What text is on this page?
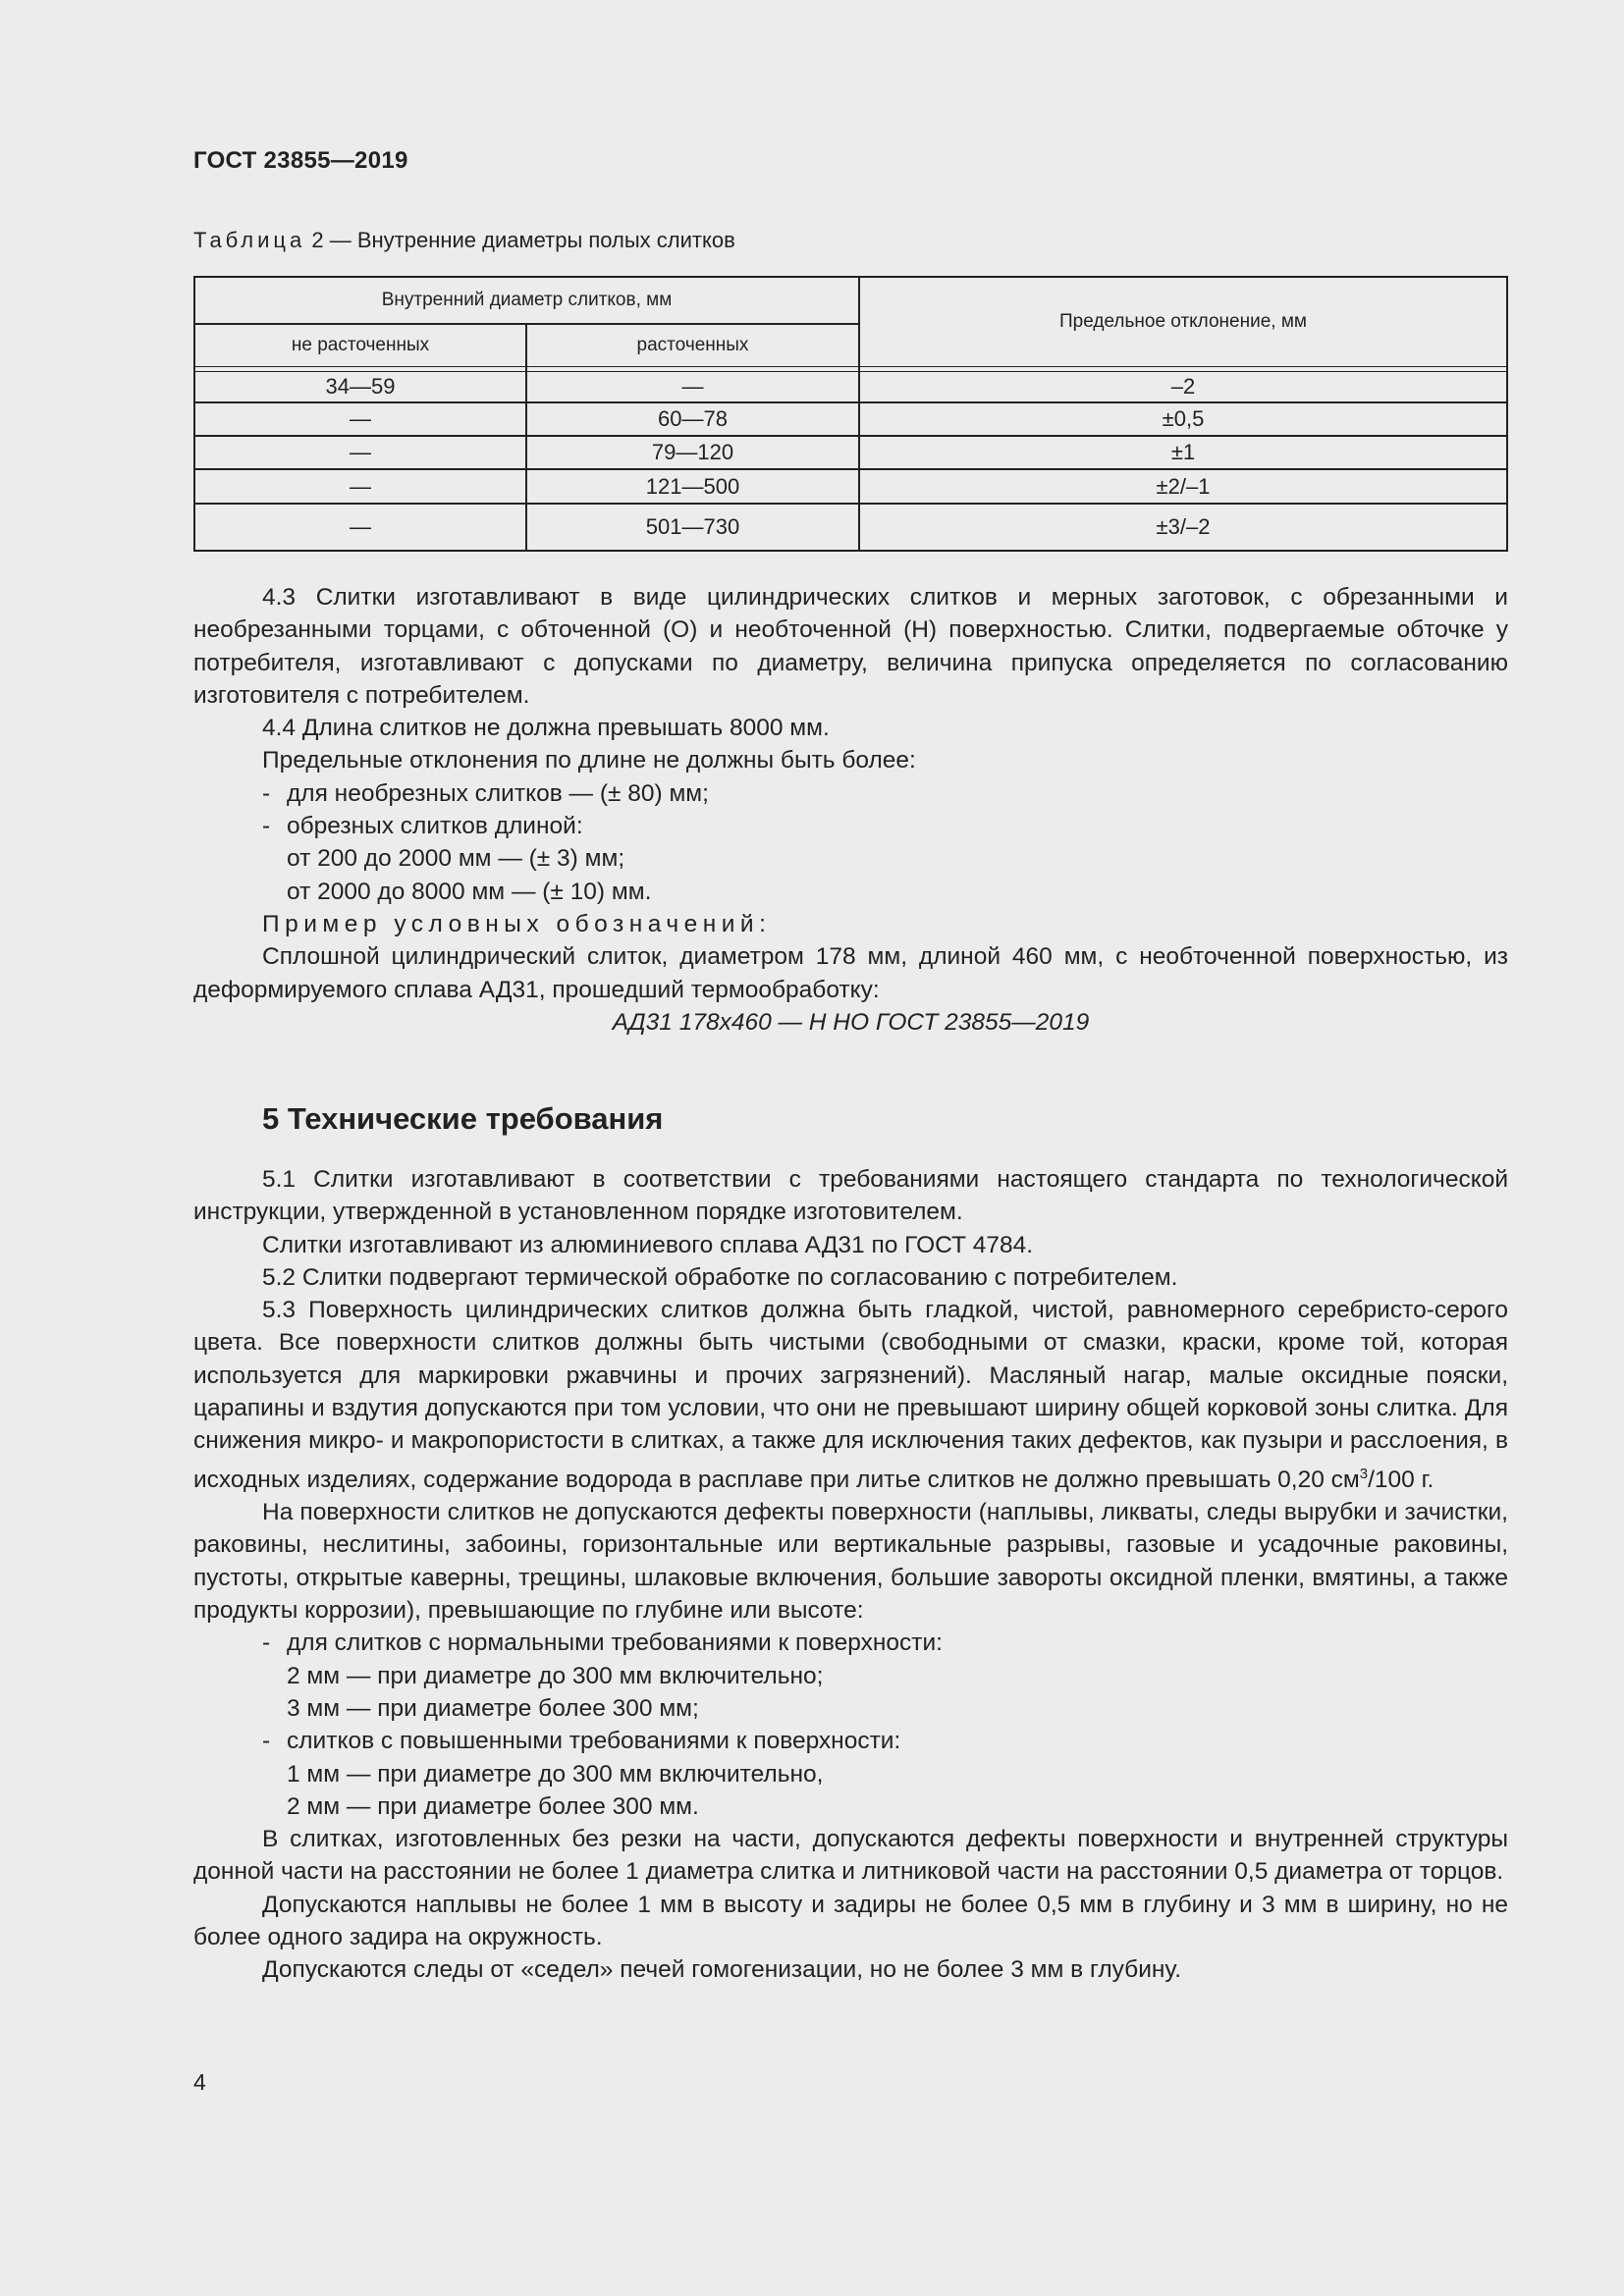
ГОСТ 23855—2019
Таблица 2 — Внутренние диаметры полых слитков
Внутренний диаметр слитков, мм
не расточенных	расточенных
Предельное отклонение, мм
34—59	—	–2
—	60—78	±0,5
—	79—120	±1
—	121—500	±2/–1
—	501—730	±3/–2

4.3 Слитки изготавливают в виде цилиндрических слитков и мерных заготовок, с обрезанными и необрезанными торцами, с обточенной (О) и необточенной (Н) поверхностью. Слитки, подвергаемые обточке у потребителя, изготавливают с допусками по диаметру, величина припуска определяется по согласованию изготовителя с потребителем.

4.4 Длина слитков не должна превышать 8000 мм.

Предельные отклонения по длине не должны быть более:

- для необрезных слитков — (± 80) мм;

- обрезных слитков длиной:

от 200 до 2000 мм — (± 3) мм;

от 2000 до 8000 мм — (± 10) мм.

Пример условных обозначений:

Сплошной цилиндрический слиток, диаметром 178 мм, длиной 460 мм, с необточенной поверхностью, из деформируемого сплава АД31, прошедший термообработку:

АД31 178х460 — Н НО ГОСТ 23855—2019

5 Технические требования

5.1 Слитки изготавливают в соответствии с требованиями настоящего стандарта по технологической инструкции, утвержденной в установленном порядке изготовителем.

Слитки изготавливают из алюминиевого сплава АД31 по ГОСТ 4784.

5.2 Слитки подвергают термической обработке по согласованию с потребителем.

5.3 Поверхность цилиндрических слитков должна быть гладкой, чистой, равномерного серебристо-серого цвета. Все поверхности слитков должны быть чистыми (свободными от смазки, краски, кроме той, которая используется для маркировки ржавчины и прочих загрязнений). Масляный нагар, малые оксидные пояски, царапины и вздутия допускаются при том условии, что они не превышают ширину общей корковой зоны слитка. Для снижения микро- и макропористости в слитках, а также для исключения таких дефектов, как пузыри и расслоения, в исходных изделиях, содержание водорода в расплаве при литье слитков не должно превышать 0,20 $см^3/100$ г.

На поверхности слитков не допускаются дефекты поверхности (наплывы, ликваты, следы вырубки и зачистки, раковины, неслитины, забоины, горизонтальные или вертикальные разрывы, газовые и усадочные раковины, пустоты, открытые каверны, трещины, шлаковые включения, большие завороты оксидной пленки, вмятины, а также продукты коррозии), превышающие по глубине или высоте:

- для слитков с нормальными требованиями к поверхности:

2 мм — при диаметре до 300 мм включительно;

3 мм — при диаметре более 300 мм;

- слитков с повышенными требованиями к поверхности:

1 мм — при диаметре до 300 мм включительно,

2 мм — при диаметре более 300 мм.

В слитках, изготовленных без резки на части, допускаются дефекты поверхности и внутренней структуры донной части на расстоянии не более 1 диаметра слитка и литниковой части на расстоянии 0,5 диаметра от торцов.

Допускаются наплывы не более 1 мм в высоту и задиры не более 0,5 мм в глубину и 3 мм в ширину, но не более одного задира на окружность.

Допускаются следы от «седел» печей гомогенизации, но не более 3 мм в глубину.

4
